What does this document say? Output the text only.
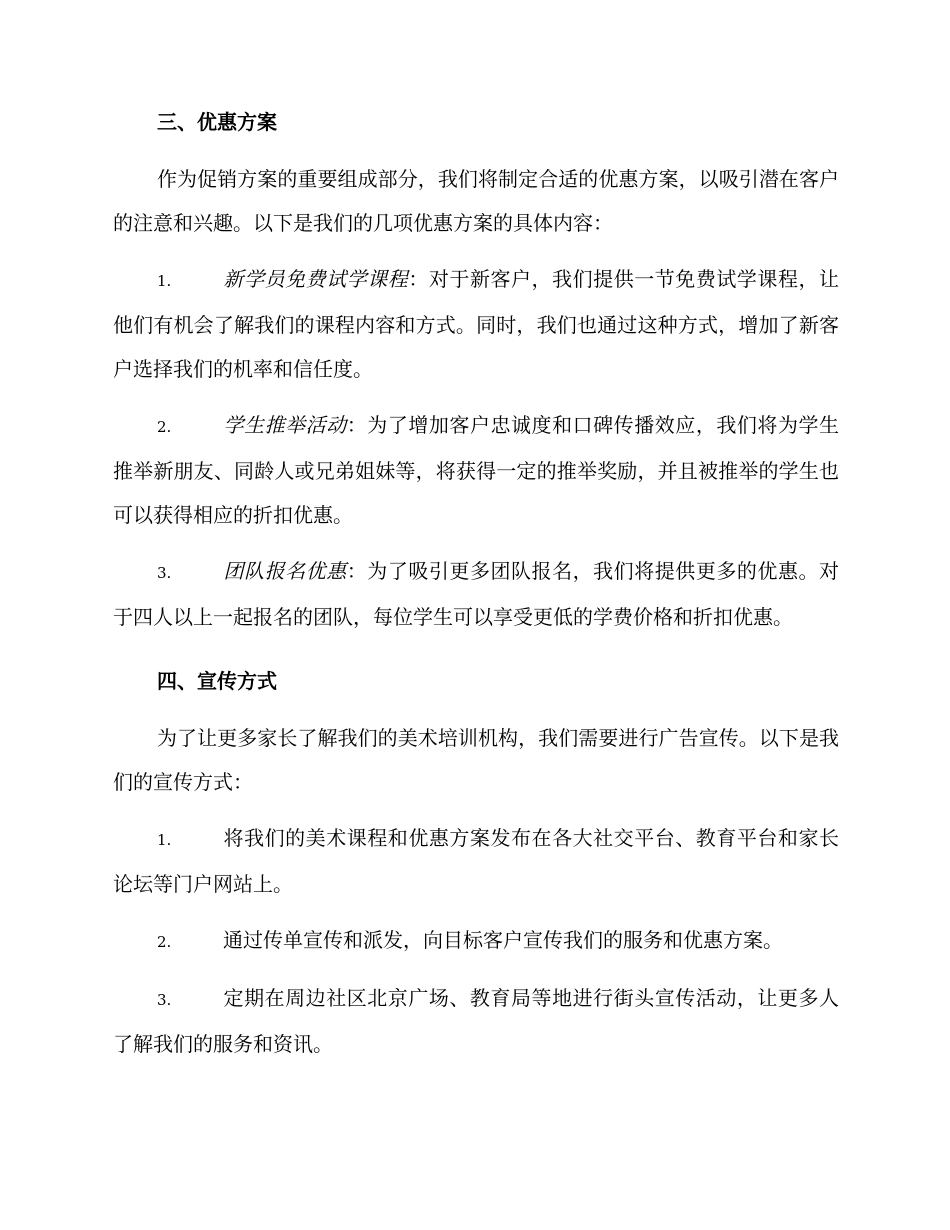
三、优惠方案

作为促销方案的重要组成部分，我们将制定合适的优惠方案，以吸引潜在客户的注意和兴趣。以下是我们的几项优惠方案的具体内容：

1.	新学员免费试学课程：对于新客户，我们提供一节免费试学课程，让他们有机会了解我们的课程内容和方式。同时，我们也通过这种方式，增加了新客户选择我们的机率和信任度。

2.	学生推举活动：为了增加客户忠诚度和口碑传播效应，我们将为学生推举新朋友、同龄人或兄弟姐妹等，将获得一定的推举奖励，并且被推举的学生也可以获得相应的折扣优惠。

3.	团队报名优惠：为了吸引更多团队报名，我们将提供更多的优惠。对于四人以上一起报名的团队，每位学生可以享受更低的学费价格和折扣优惠。

四、宣传方式

为了让更多家长了解我们的美术培训机构，我们需要进行广告宣传。以下是我们的宣传方式：

1.	将我们的美术课程和优惠方案发布在各大社交平台、教育平台和家长论坛等门户网站上。

2.	通过传单宣传和派发，向目标客户宣传我们的服务和优惠方案。

3.	定期在周边社区北京广场、教育局等地进行街头宣传活动，让更多人了解我们的服务和资讯。
